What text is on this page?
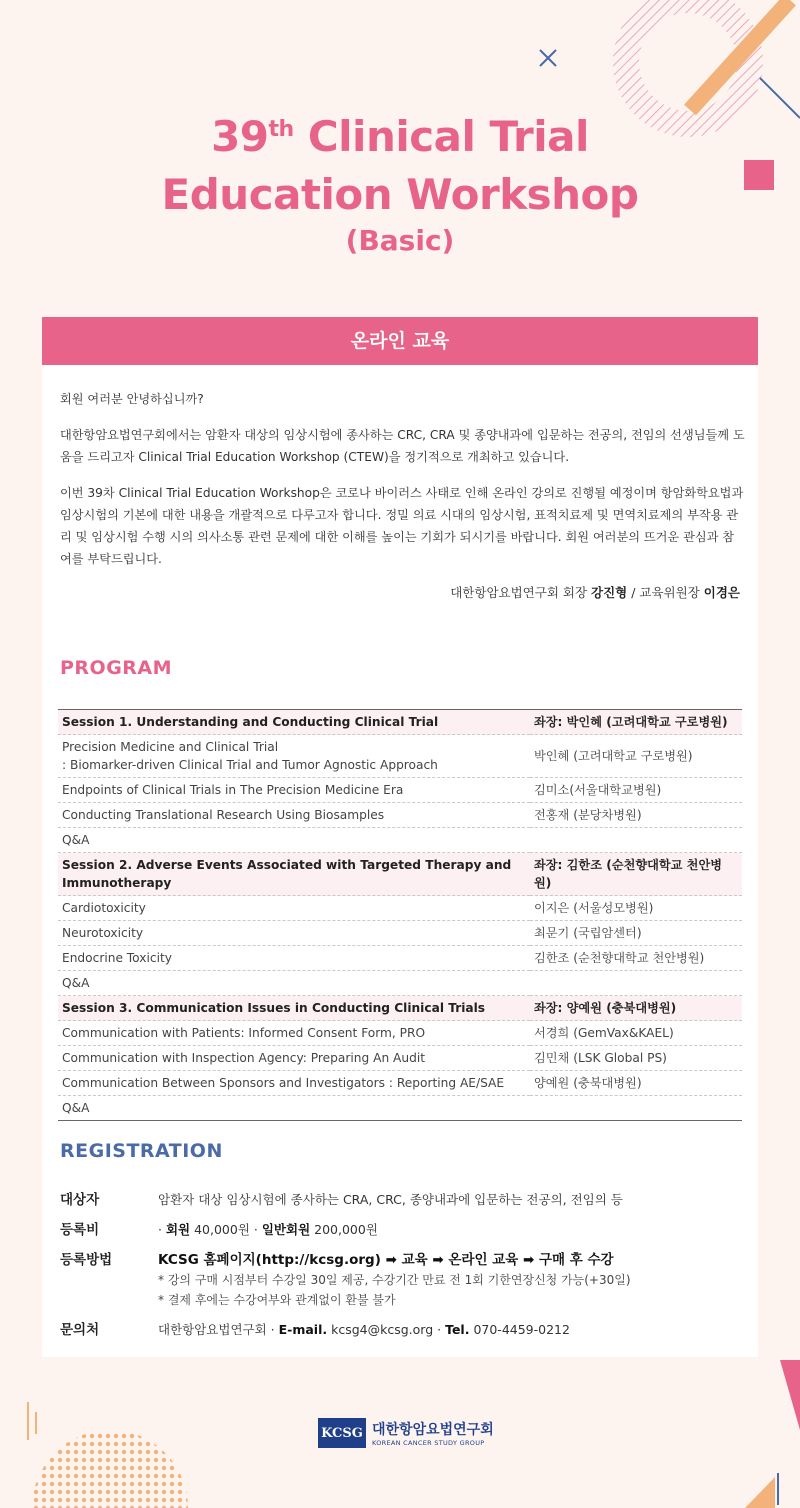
39th Clinical Trial
Education Workshop
(Basic)
온라인 교육

회원 여러분 안녕하십니까?

대한항암요법연구회에서는 암환자 대상의 임상시험에 종사하는 CRC, CRA 및 종양내과에 입문하는 전공의, 전임의 선생님들께 도움을 드리고자 Clinical Trial Education Workshop (CTEW)을 정기적으로 개최하고 있습니다.

이번 39차 Clinical Trial Education Workshop은 코로나 바이러스 사태로 인해 온라인 강의로 진행될 예정이며 항암화학요법과 임상시험의 기본에 대한 내용을 개괄적으로 다루고자 합니다. 정밀 의료 시대의 임상시험, 표적치료제 및 면역치료제의 부작용 관리 및 임상시험 수행 시의 의사소통 관련 문제에 대한 이해를 높이는 기회가 되시기를 바랍니다. 회원 여러분의 뜨거운 관심과 참여를 부탁드립니다.

대한항암요법연구회 회장 강진형 / 교육위원장 이경은
PROGRAM
Session 1. Understanding and Conducting Clinical Trial	좌장: 박인혜 (고려대학교 구로병원)

Precision Medicine and Clinical Trial
: Biomarker-driven Clinical Trial and Tumor Agnostic Approach	박인혜 (고려대학교 구로병원)

Endpoints of Clinical Trials in The Precision Medicine Era	김미소(서울대학교병원)

Conducting Translational Research Using Biosamples	전홍재 (분당차병원)

Q&A	

Session 2. Adverse Events Associated with Targeted Therapy and Immunotherapy	좌장: 김한조 (순천향대학교 천안병원)

Cardiotoxicity	이지은 (서울성모병원)

Neurotoxicity	최문기 (국립암센터)

Endocrine Toxicity	김한조 (순천향대학교 천안병원)

Q&A	

Session 3. Communication Issues in Conducting Clinical Trials	좌장: 양예원 (충북대병원)

Communication with Patients: Informed Consent Form, PRO	서경희 (GemVax&KAEL)

Communication with Inspection Agency: Preparing An Audit	김민채 (LSK Global PS)

Communication Between Sponsors and Investigators : Reporting AE/SAE	양예원 (충북대병원)

Q&A	

REGISTRATION
대상자	암환자 대상 임상시험에 종사하는 CRA, CRC, 종양내과에 입문하는 전공의, 전임의 등
등록비	· 회원 40,000원 · 일반회원 200,000원
등록방법	KCSG 홈페이지(http://kcsg.org) ➡ 교육 ➡ 온라인 교육 ➡ 구매 후 수강
* 강의 구매 시점부터 수강일 30일 제공, 수강기간 만료 전 1회 기한연장신청 가능(+30일)
* 결제 후에는 수강여부와 관계없이 환불 불가
문의처	대한항암요법연구회 · E-mail. kcsg4@kcsg.org · Tel. 070-4459-0212
KCSG 대한항암요법연구회
KOREAN CANCER STUDY GROUP
